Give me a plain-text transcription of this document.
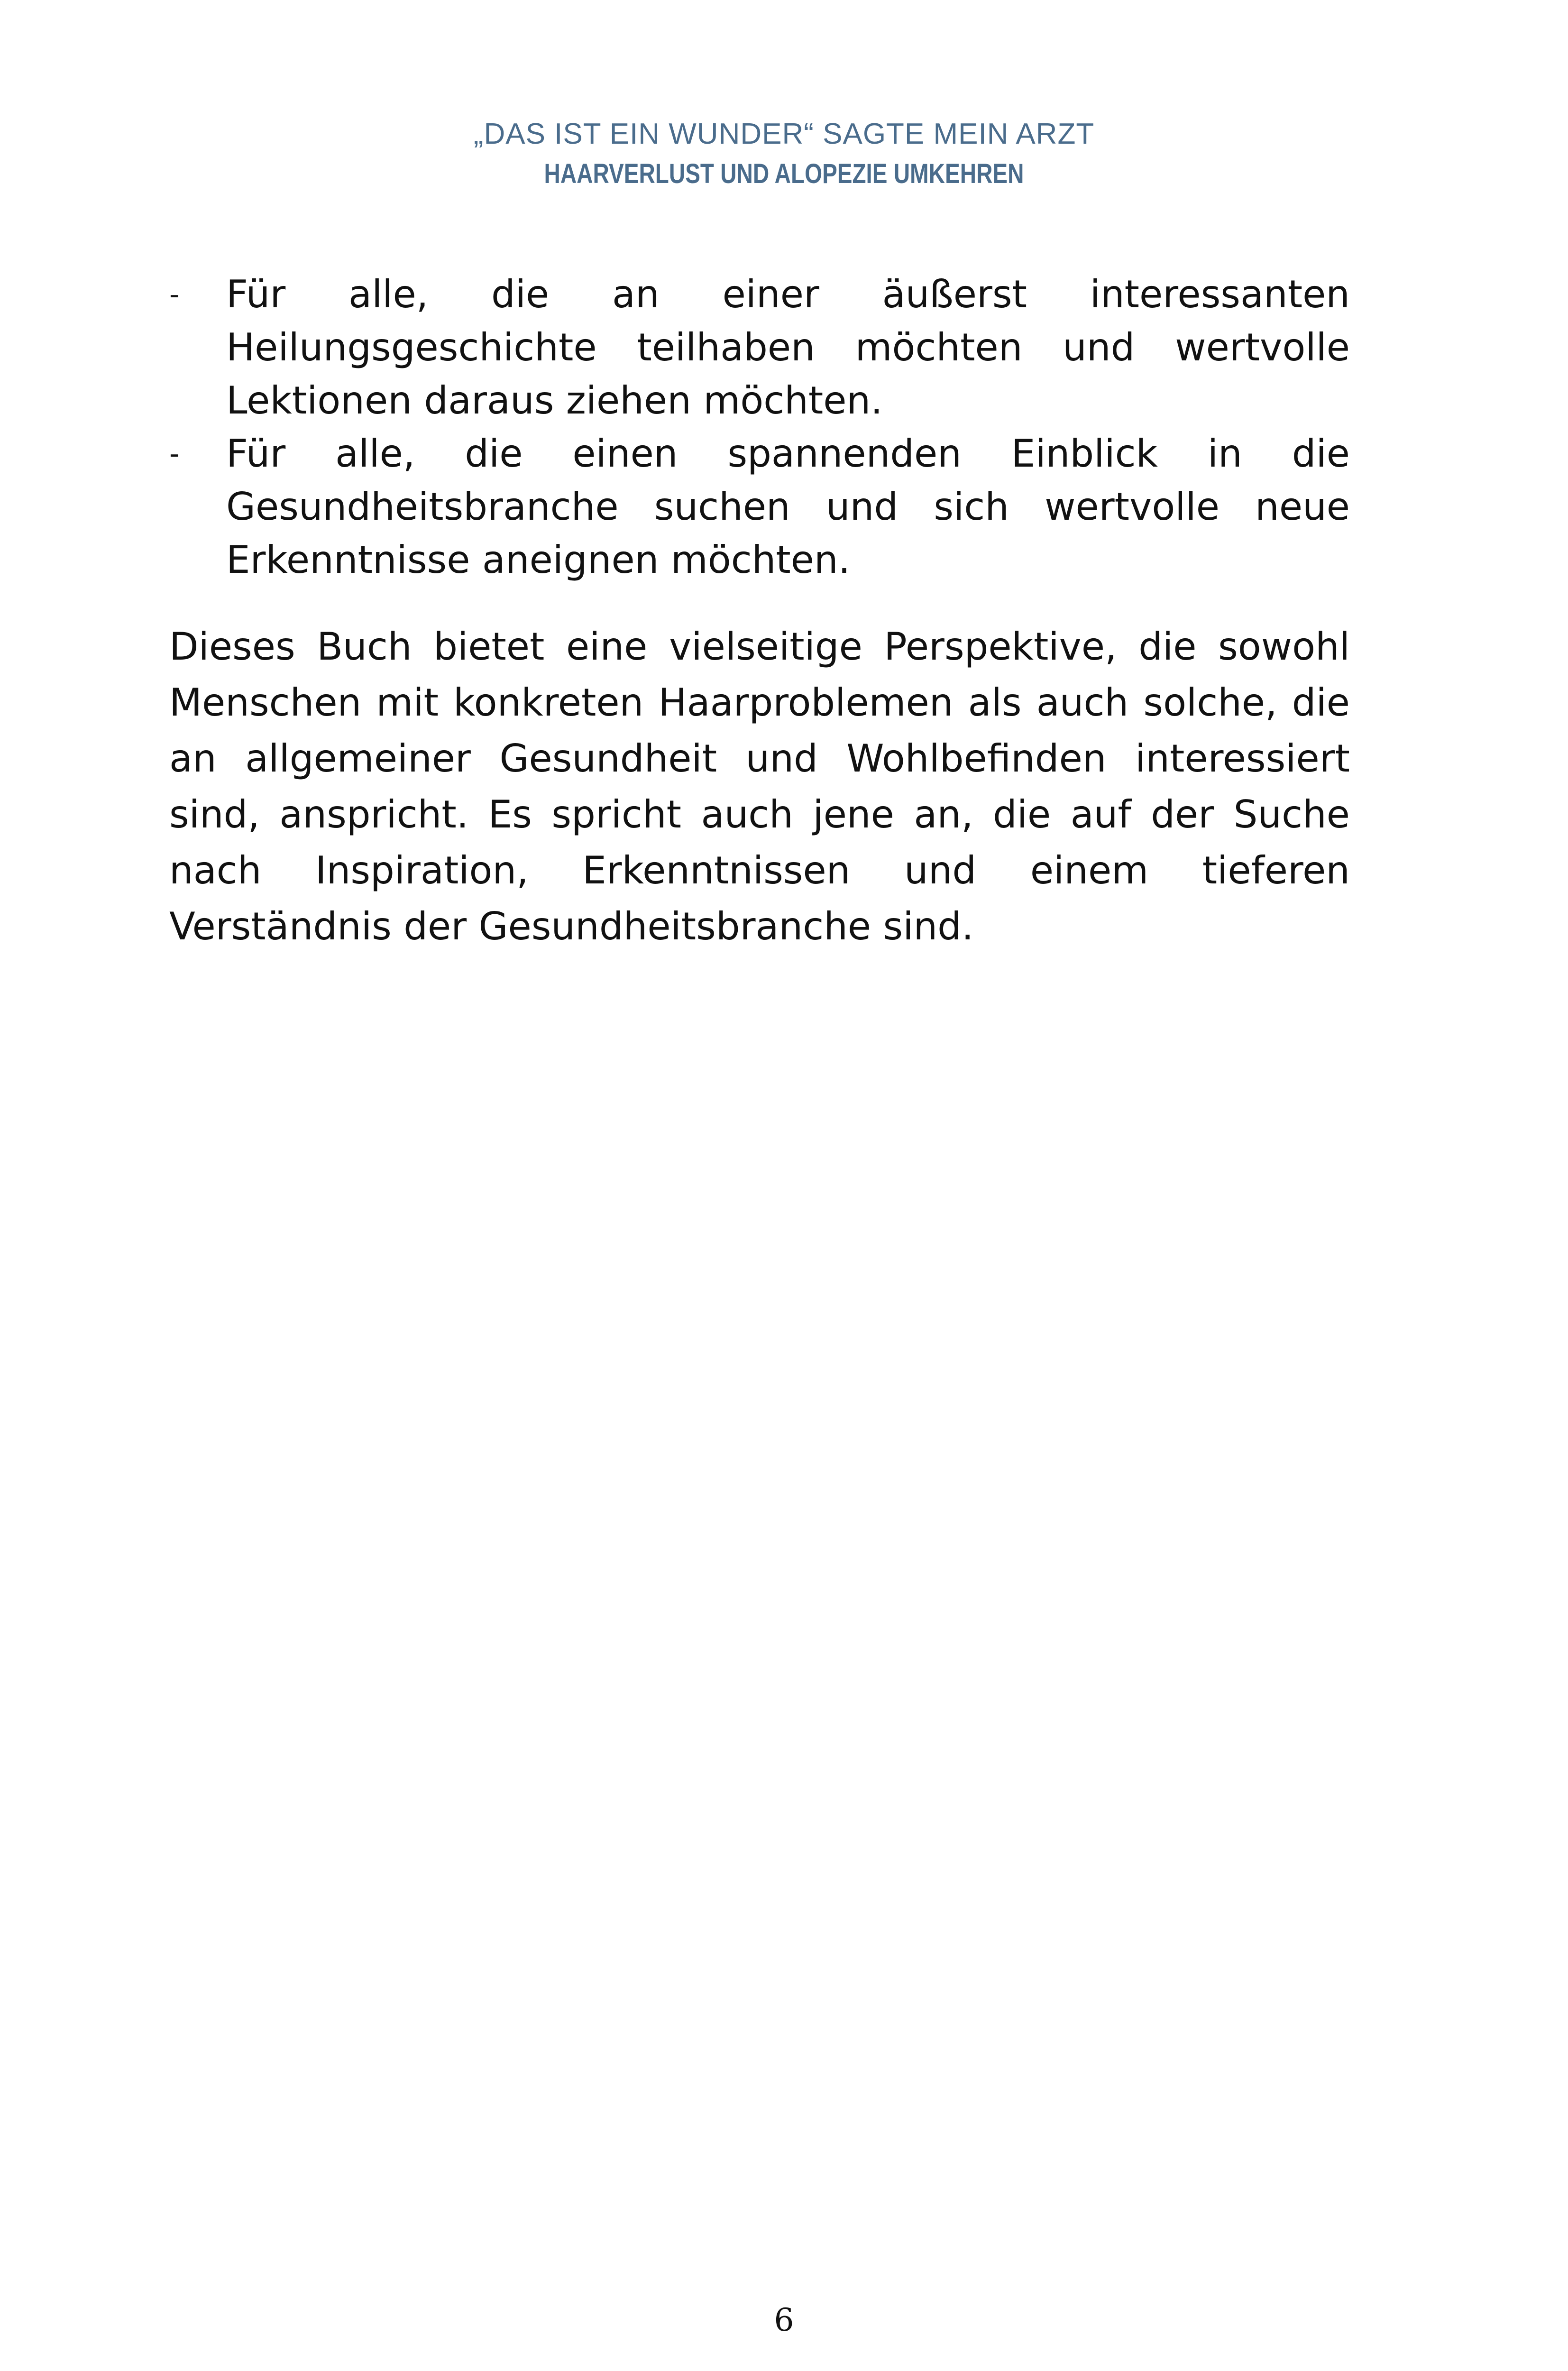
„DAS IST EIN WUNDER“ SAGTE MEIN ARZT
HAARVERLUST UND ALOPEZIE UMKEHREN
-	Für alle, die an einer äußerst interessanten Heilungsgeschichte teilhaben möchten und wertvolle Lektionen daraus ziehen möchten.
-	Für alle, die einen spannenden Einblick in die Gesundheitsbranche suchen und sich wertvolle neue Erkenntnisse aneignen möchten.

Dieses Buch bietet eine vielseitige Perspektive, die sowohl Menschen mit konkreten Haarproblemen als auch solche, die an allgemeiner Gesundheit und Wohlbefinden interessiert sind, anspricht. Es spricht auch jene an, die auf der Suche nach Inspiration, Erkenntnissen und einem tieferen Verständnis der Gesundheitsbranche sind.

6
